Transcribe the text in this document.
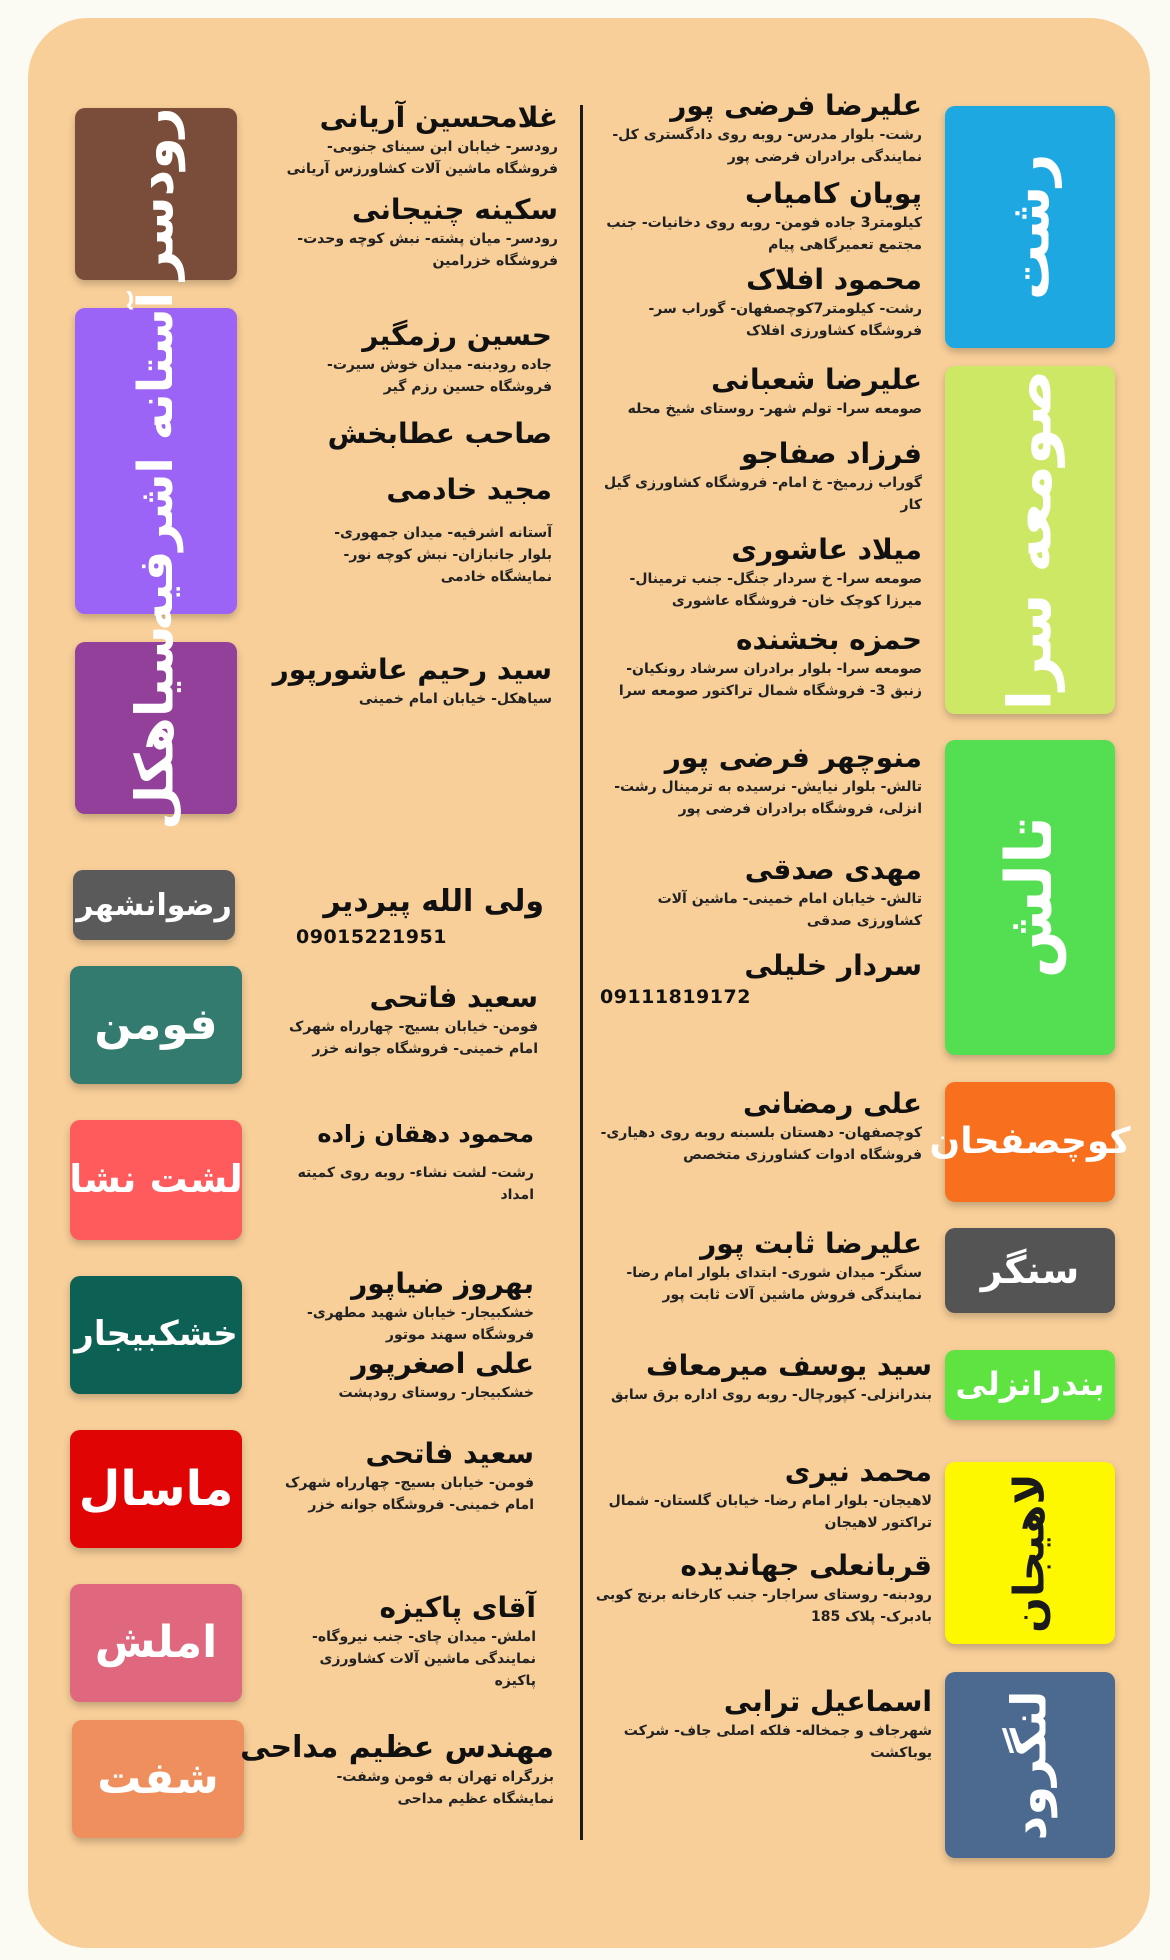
رشت
صومعه سرا
تالش
کوچصفحان
سنگر
بندرانزلی
لاهیجان
لنگرود
رودسر
آستانه اشرفیه
سیاهکل
رضوانشهر
فومن
لشت نشا
خشکبیجار
ماسال
املش
شفت
علیرضا فرضی پور
رشت- بلوار مدرس- روبه روی دادگستری کل- نمایندگی برادران فرضی پور
پویان کامیاب
کیلومتر3 جاده فومن- روبه روی دخانیات- جنب مجتمع تعمیرگاهی پیام
محمود افلاک
رشت- کیلومتر7کوچصفهان- گوراب سر- فروشگاه کشاورزی افلاک
علیرضا شعبانی
صومعه سرا- تولم شهر- روستای شیخ محله
فرزاد صفاجو
گوراب زرمیخ- خ امام- فروشگاه کشاورزی گیل کار
میلاد عاشوری
صومعه سرا- خ سردار جنگل- جنب ترمینال- میرزا کوچک خان- فروشگاه عاشوری
حمزه بخشنده
صومعه سرا- بلوار برادران سرشاد رونکیان- زنبق 3- فروشگاه شمال تراکتور صومعه سرا
منوچهر فرضی پور
تالش- بلوار نیایش- نرسیده به ترمینال رشت- انزلی، فروشگاه برادران فرضی پور
مهدی صدقی
تالش- خیابان امام خمینی- ماشین آلات کشاورزی صدقی
سردار خلیلی
09111819172
علی رمضانی
کوچصفهان- دهستان بلسبنه روبه روی دهیاری- فروشگاه ادوات کشاورزی متخصص
علیرضا ثابت پور
سنگر- میدان شوری- ابتدای بلوار امام رضا- نمایندگی فروش ماشین آلات ثابت پور
سید یوسف میرمعاف
بندرانزلی- کپورچال- روبه روی اداره برق سابق
محمد نیری
لاهیجان- بلوار امام رضا- خیابان گلستان- شمال تراکتور لاهیجان
قربانعلی جهاندیده
رودبنه- روستای سراجار- جنب کارخانه برنج کوبی بادبرک- پلاک 185
اسماعیل ترابی
شهرجاف و جمخاله- فلکه اصلی جاف- شرکت یوباکشت
غلامحسین آریانی
رودسر- خیابان ابن سینای جنوبی- فروشگاه ماشین آلات کشاورزس آریانی
سکینه چنیجانی
رودسر- میان پشته- نبش کوچه وحدت- فروشگاه خزرامین
حسین رزمگیر
جاده رودبنه- میدان خوش سیرت- فروشگاه حسین رزم گیر
صاحب عطابخش
مجید خادمی
آستانه اشرفیه- میدان جمهوری- بلوار جانبازان- نبش کوچه نور- نمایشگاه خادمی
سید رحیم عاشورپور
سیاهکل- خیابان امام خمینی
ولی الله پیردیر
09015221951
سعید فاتحی
فومن- خیابان بسیج- چهارراه شهرک امام خمینی- فروشگاه جوانه خزر
محمود دهقان زاده
رشت- لشت نشاء- روبه روی کمیته امداد
بهروز ضیاپور
خشکبیجار- خیابان شهید مطهری- فروشگاه سهند موتور
علی اصغرپور
خشکبیجار- روستای رودپشت
سعید فاتحی
فومن- خیابان بسیج- چهارراه شهرک امام خمینی- فروشگاه جوانه خزر
آقای پاکیزه
املش- میدان چای- جنب نیروگاه- نمایندگی ماشین آلات کشاورزی پاکیزه
مهندس عظیم مداحی
بزرگراه تهران به فومن وشفت- نمایشگاه عظیم مداحی
